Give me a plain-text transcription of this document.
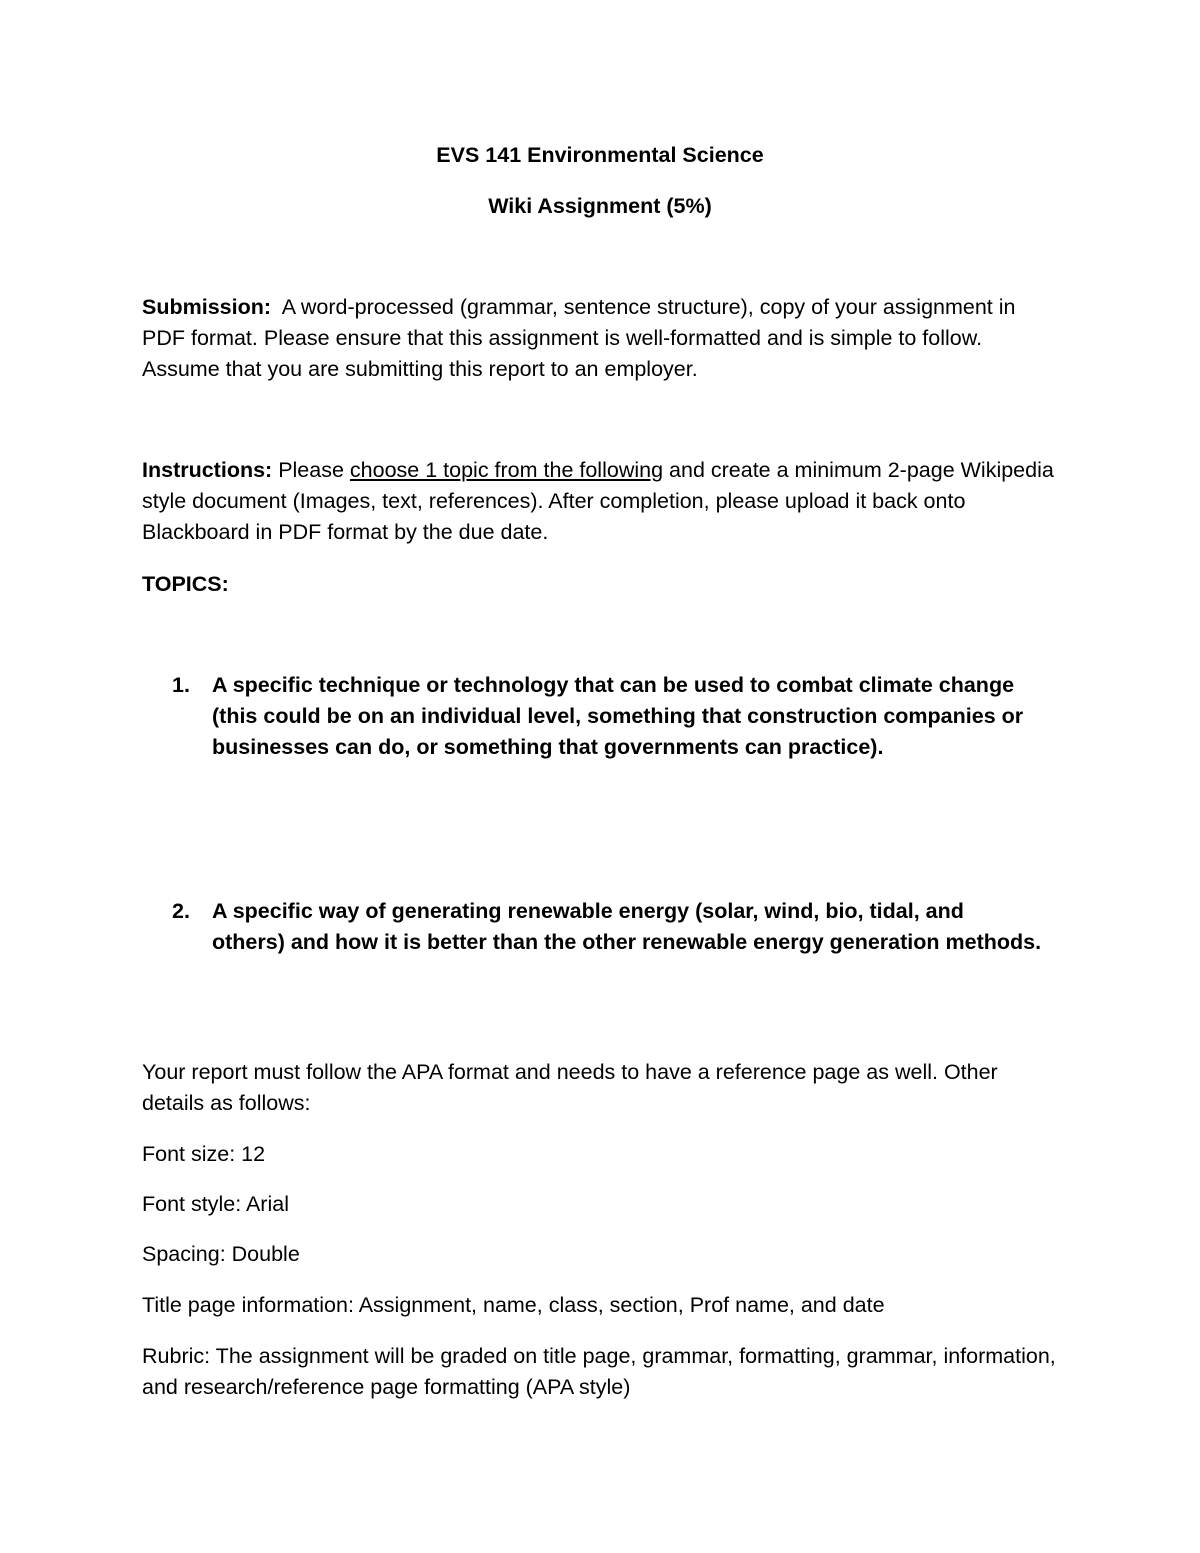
EVS 141 Environmental Science
Wiki Assignment (5%)
Submission: A word-processed (grammar, sentence structure), copy of your assignment in PDF format. Please ensure that this assignment is well-formatted and is simple to follow. Assume that you are submitting this report to an employer.
Instructions: Please choose 1 topic from the following and create a minimum 2-page Wikipedia style document (Images, text, references). After completion, please upload it back onto Blackboard in PDF format by the due date.
TOPICS:
1.	A specific technique or technology that can be used to combat climate change (this could be on an individual level, something that construction companies or businesses can do, or something that governments can practice).
2.	A specific way of generating renewable energy (solar, wind, bio, tidal, and others) and how it is better than the other renewable energy generation methods.
Your report must follow the APA format and needs to have a reference page as well. Other details as follows:
Font size: 12
Font style: Arial
Spacing: Double
Title page information: Assignment, name, class, section, Prof name, and date
Rubric: The assignment will be graded on title page, grammar, formatting, grammar, information, and research/reference page formatting (APA style)
